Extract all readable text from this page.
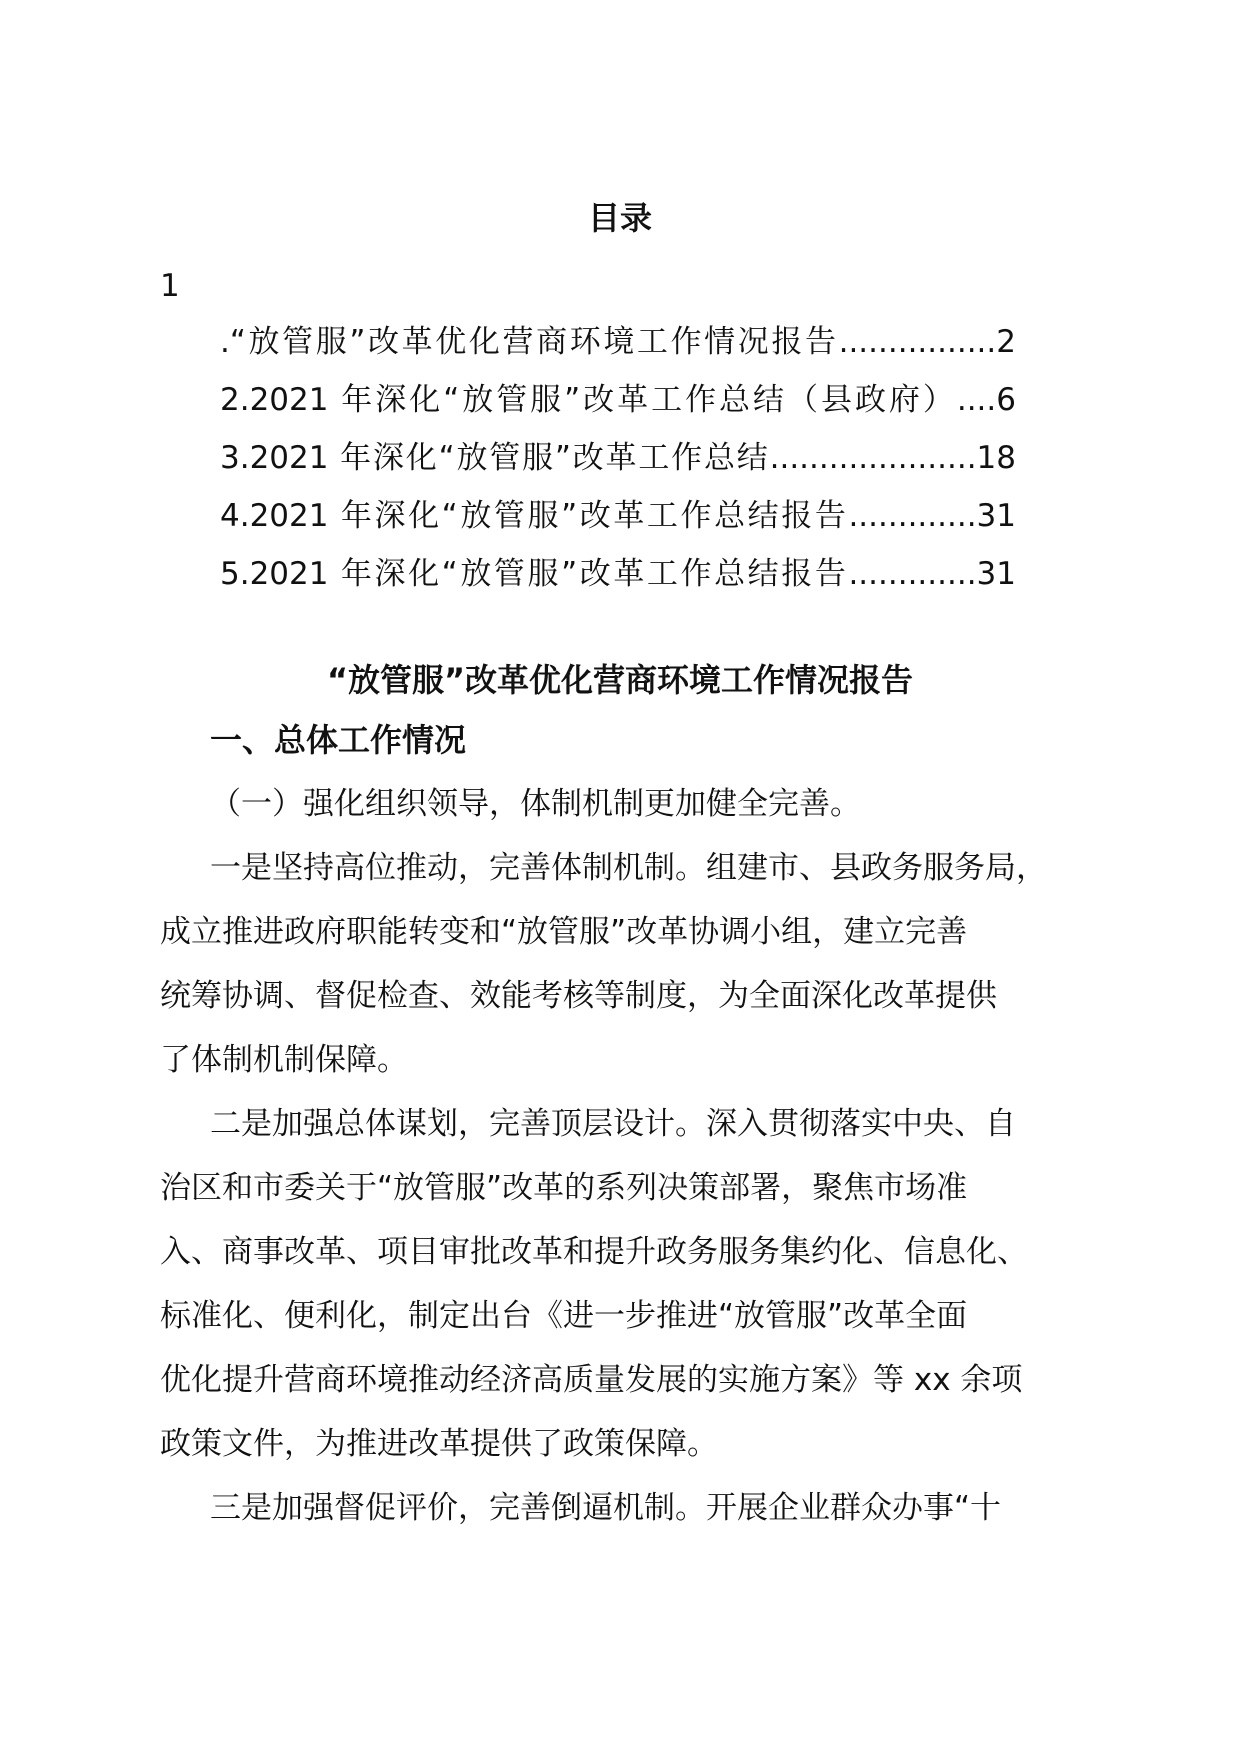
目录
1
.“放管服”改革优化营商环境工作情况报告................2
2.2021 年深化“放管服”改革工作总结（县政府）....6
3.2021 年深化“放管服”改革工作总结.....................18
4.2021 年深化“放管服”改革工作总结报告.............31
5.2021 年深化“放管服”改革工作总结报告.............31
“放管服”改革优化营商环境工作情况报告
一、总体工作情况
（一）强化组织领导，体制机制更加健全完善。
一是坚持高位推动，完善体制机制。组建市、县政务服务局，
成立推进政府职能转变和“放管服”改革协调小组，建立完善
统筹协调、督促检查、效能考核等制度，为全面深化改革提供
了体制机制保障。
二是加强总体谋划，完善顶层设计。深入贯彻落实中央、自
治区和市委关于“放管服”改革的系列决策部署，聚焦市场准
入、商事改革、项目审批改革和提升政务服务集约化、信息化、
标准化、便利化，制定出台《进一步推进“放管服”改革全面
优化提升营商环境推动经济高质量发展的实施方案》等 xx 余项
政策文件，为推进改革提供了政策保障。
三是加强督促评价，完善倒逼机制。开展企业群众办事“十
